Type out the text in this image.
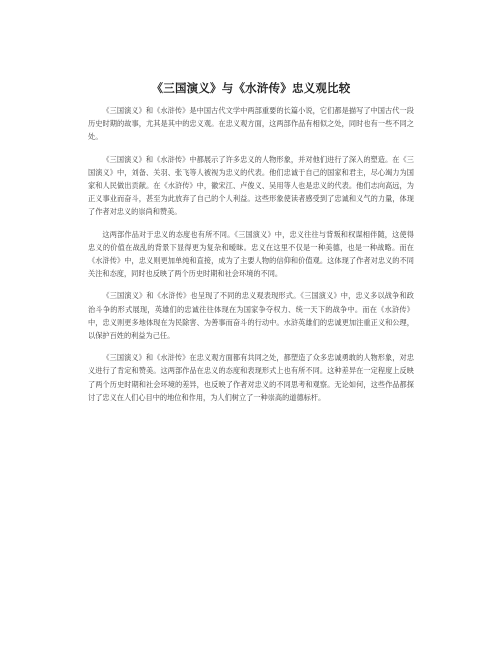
《三国演义》与《水浒传》忠义观比较

《三国演义》和《水浒传》是中国古代文学中两部重要的长篇小说，它们都是描写了中国古代一段历史时期的故事，尤其是其中的忠义观。在忠义观方面，这两部作品有相似之处，同时也有一些不同之处。

《三国演义》和《水浒传》中都展示了许多忠义的人物形象，并对他们进行了深入的塑造。在《三国演义》中，刘备、关羽、张飞等人被视为忠义的代表。他们忠诚于自己的国家和君主，尽心竭力为国家和人民做出贡献。在《水浒传》中，徽宋江、卢俊义、吴用等人也是忠义的代表。他们志向高远，为正义事业而奋斗，甚至为此放弃了自己的个人利益。这些形象使读者感受到了忠诚和义气的力量，体现了作者对忠义的崇尚和赞美。

这两部作品对于忠义的态度也有所不同。《三国演义》中，忠义往往与背叛和权谋相伴随，这使得忠义的价值在战乱的背景下显得更为复杂和暧昧。忠义在这里不仅是一种美德，也是一种战略。而在《水浒传》中，忠义则更加单纯和直接，成为了主要人物的信仰和价值观。这体现了作者对忠义的不同关注和态度，同时也反映了两个历史时期和社会环境的不同。

《三国演义》和《水浒传》也呈现了不同的忠义观表现形式。《三国演义》中，忠义多以战争和政治斗争的形式展现，英雄们的忠诚往往体现在为国家争夺权力、统一天下的战争中。而在《水浒传》中，忠义则更多地体现在为民除害、为善事而奋斗的行动中。水浒英雄们的忠诚更加注重正义和公理，以保护百姓的利益为己任。

《三国演义》和《水浒传》在忠义观方面都有共同之处，都塑造了众多忠诚勇敢的人物形象，对忠义进行了肯定和赞美。这两部作品在忠义的态度和表现形式上也有所不同。这种差异在一定程度上反映了两个历史时期和社会环境的差异，也反映了作者对忠义的不同思考和观察。无论如何，这些作品都探讨了忠义在人们心目中的地位和作用，为人们树立了一种崇高的道德标杆。
